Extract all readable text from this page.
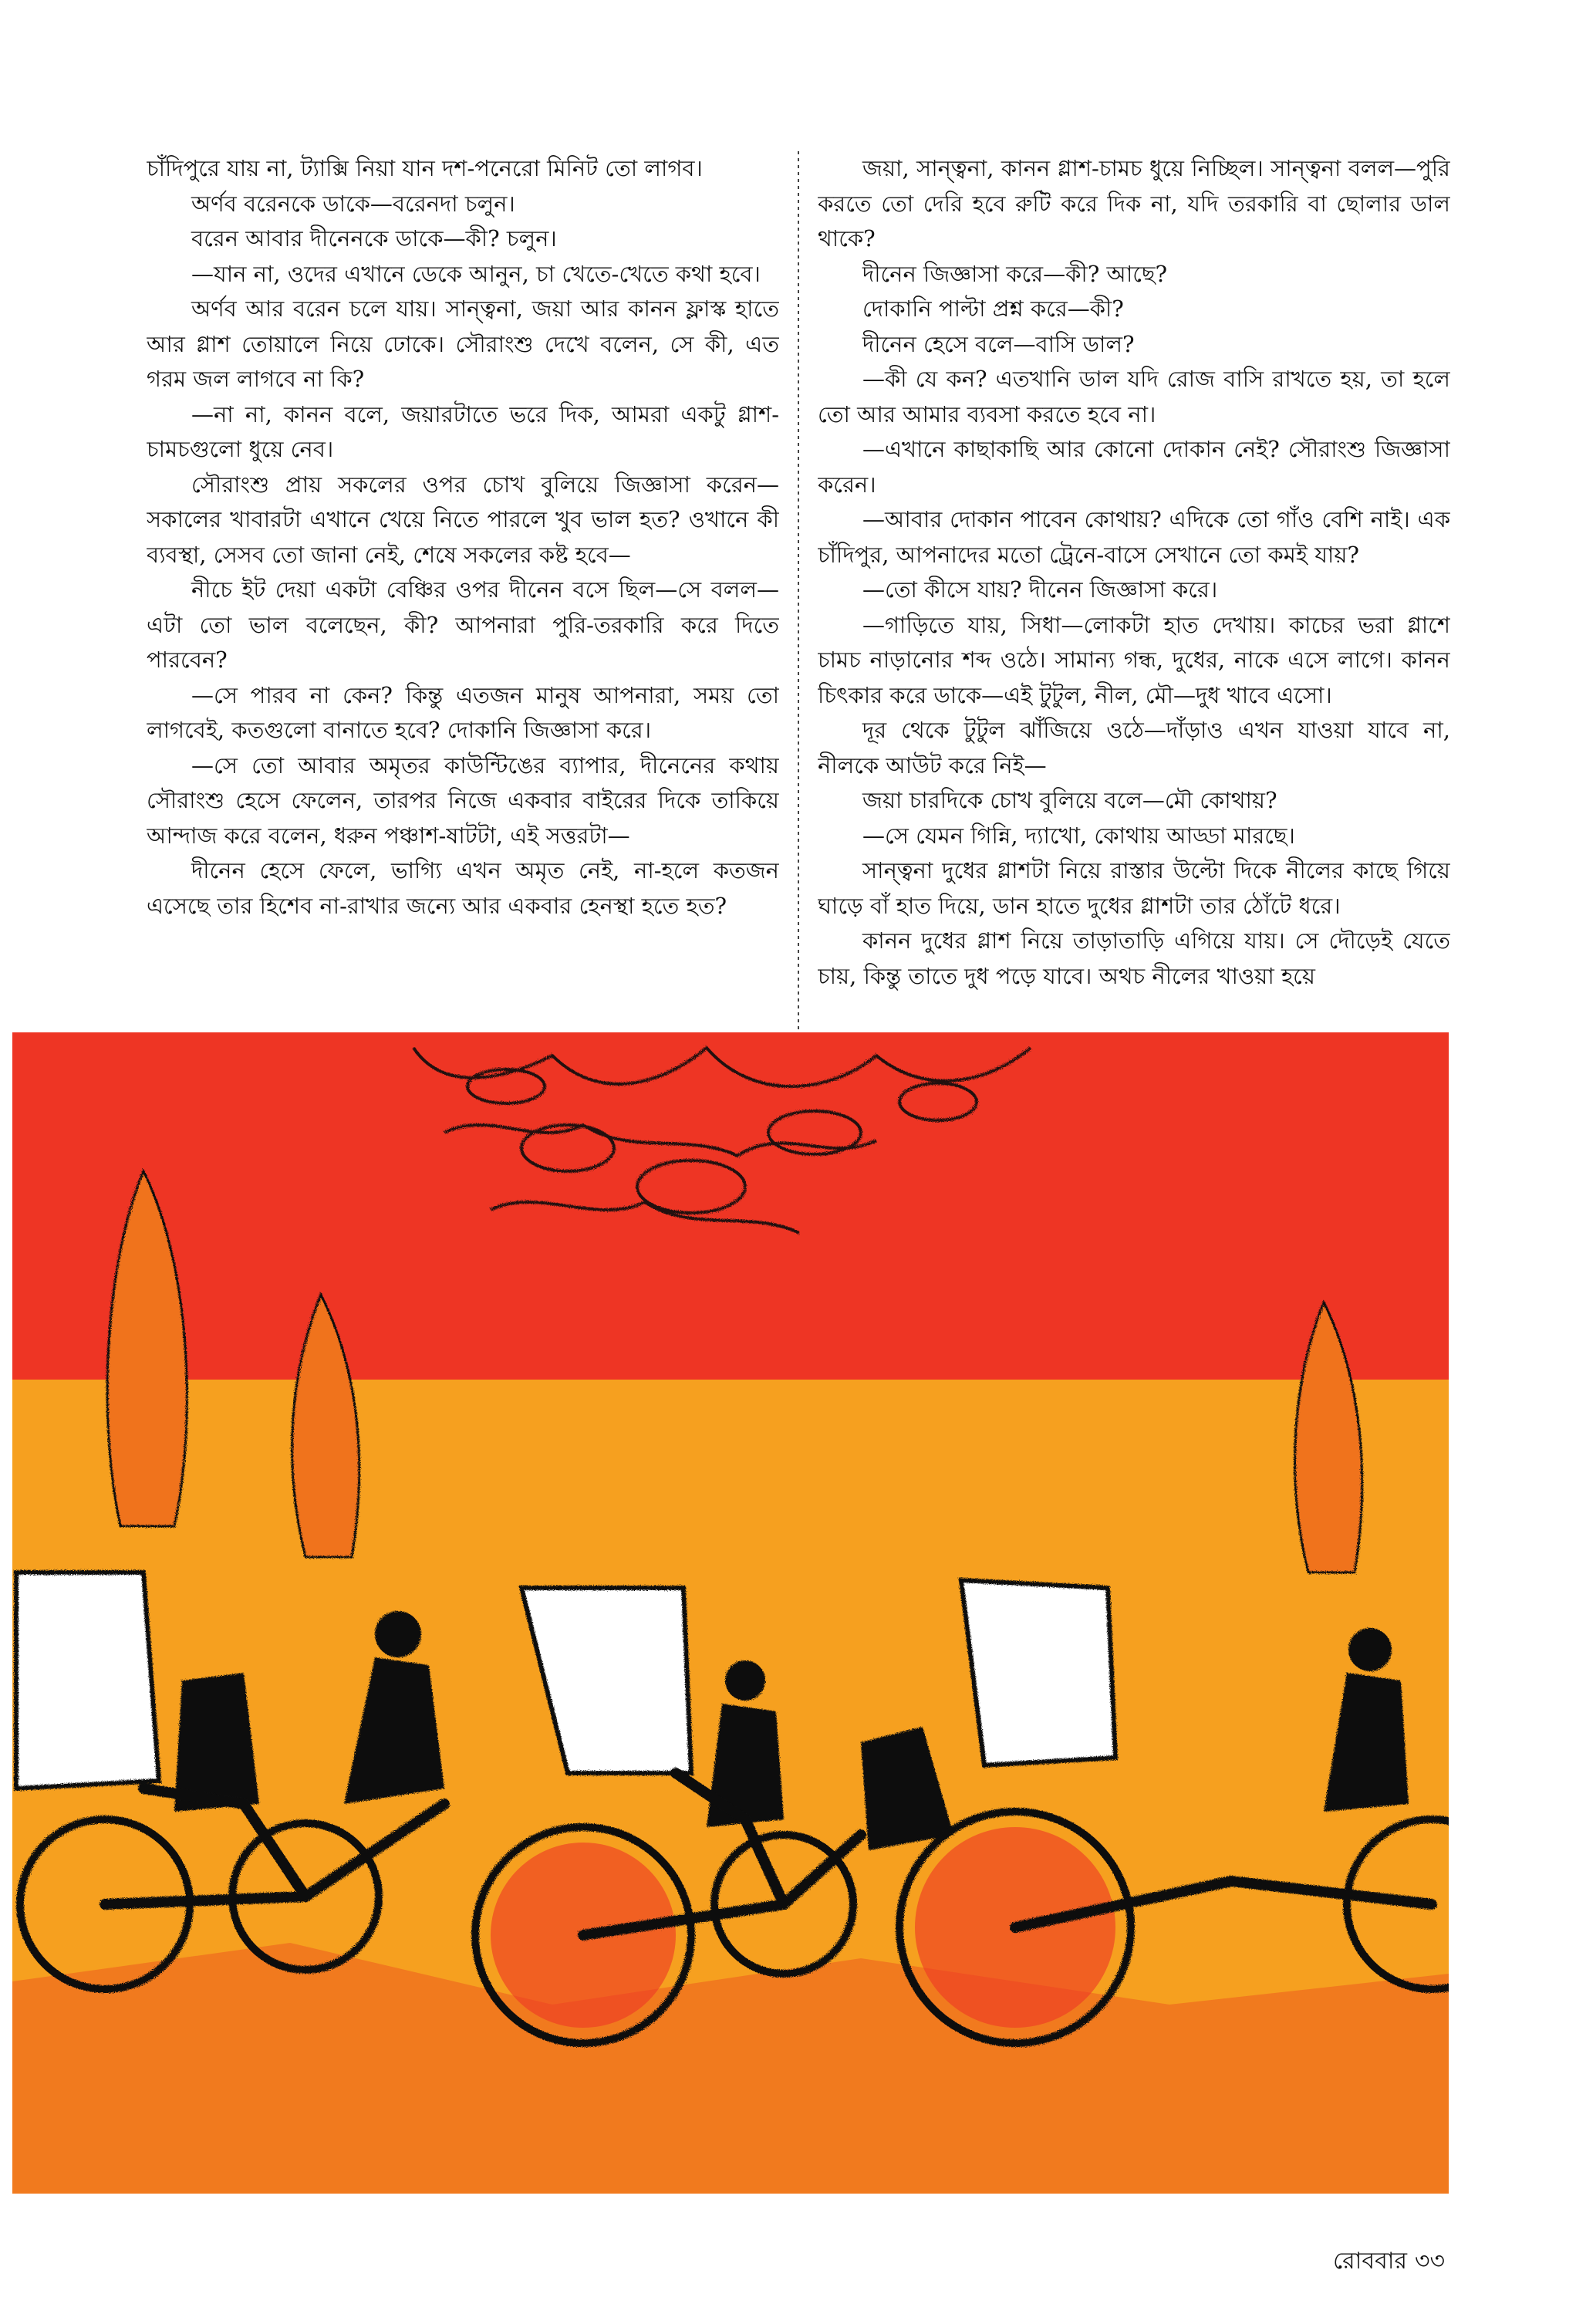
চাঁদিপুরে যায় না, ট্যাক্সি নিয়া যান দশ-পনেরো মিনিট তো লাগব।

অর্ণব বরেনকে ডাকে—বরেনদা চলুন।

বরেন আবার দীনেনকে ডাকে—কী? চলুন।

—যান না, ওদের এখানে ডেকে আনুন, চা খেতে-খেতে কথা হবে।

অর্ণব আর বরেন চলে যায়। সান্ত্বনা, জয়া আর কানন ফ্লাস্ক হাতে আর গ্লাশ তোয়ালে নিয়ে ঢোকে। সৌরাংশু দেখে বলেন, সে কী, এত গরম জল লাগবে না কি?

—না না, কানন বলে, জয়ারটাতে ভরে দিক, আমরা একটু গ্লাশ-চামচগুলো ধুয়ে নেব।

সৌরাংশু প্রায় সকলের ওপর চোখ বুলিয়ে জিজ্ঞাসা করেন—সকালের খাবারটা এখানে খেয়ে নিতে পারলে খুব ভাল হত? ওখানে কী ব্যবস্থা, সেসব তো জানা নেই, শেষে সকলের কষ্ট হবে—

নীচে ইট দেয়া একটা বেঞ্চির ওপর দীনেন বসে ছিল—সে বলল—এটা তো ভাল বলেছেন, কী? আপনারা পুরি-তরকারি করে দিতে পারবেন?

—সে পারব না কেন? কিন্তু এতজন মানুষ আপনারা, সময় তো লাগবেই, কতগুলো বানাতে হবে? দোকানি জিজ্ঞাসা করে।

—সে তো আবার অমৃতর কাউন্টিঙের ব্যাপার, দীনেনের কথায় সৌরাংশু হেসে ফেলেন, তারপর নিজে একবার বাইরের দিকে তাকিয়ে আন্দাজ করে বলেন, ধরুন পঞ্চাশ-ষাটটা, এই সত্তরটা—

দীনেন হেসে ফেলে, ভাগ্যি এখন অমৃত নেই, না-হলে কতজন এসেছে তার হিশেব না-রাখার জন্যে আর একবার হেনস্থা হতে হত?

জয়া, সান্ত্বনা, কানন গ্লাশ-চামচ ধুয়ে নিচ্ছিল। সান্ত্বনা বলল—পুরি করতে তো দেরি হবে রুটি করে দিক না, যদি তরকারি বা ছোলার ডাল থাকে?

দীনেন জিজ্ঞাসা করে—কী? আছে?

দোকানি পাল্টা প্রশ্ন করে—কী?

দীনেন হেসে বলে—বাসি ডাল?

—কী যে কন? এতখানি ডাল যদি রোজ বাসি রাখতে হয়, তা হলে তো আর আমার ব্যবসা করতে হবে না।

—এখানে কাছাকাছি আর কোনো দোকান নেই? সৌরাংশু জিজ্ঞাসা করেন।

—আবার দোকান পাবেন কোথায়? এদিকে তো গাঁও বেশি নাই। এক চাঁদিপুর, আপনাদের মতো ট্রেনে-বাসে সেখানে তো কমই যায়?

—তো কীসে যায়? দীনেন জিজ্ঞাসা করে।

—গাড়িতে যায়, সিধা—লোকটা হাত দেখায়। কাচের ভরা গ্লাশে চামচ নাড়ানোর শব্দ ওঠে। সামান্য গন্ধ, দুধের, নাকে এসে লাগে। কানন চিৎকার করে ডাকে—এই টুটুল, নীল, মৌ—দুধ খাবে এসো।

দূর থেকে টুটুল ঝাঁজিয়ে ওঠে—দাঁড়াও এখন যাওয়া যাবে না, নীলকে আউট করে নিই—

জয়া চারদিকে চোখ বুলিয়ে বলে—মৌ কোথায়?

—সে যেমন গিন্নি, দ্যাখো, কোথায় আড্ডা মারছে।

সান্ত্বনা দুধের গ্লাশটা নিয়ে রাস্তার উল্টো দিকে নীলের কাছে গিয়ে ঘাড়ে বাঁ হাত দিয়ে, ডান হাতে দুধের গ্লাশটা তার ঠোঁটে ধরে।

কানন দুধের গ্লাশ নিয়ে তাড়াতাড়ি এগিয়ে যায়। সে দৌড়েই যেতে চায়, কিন্তু তাতে দুধ পড়ে যাবে। অথচ নীলের খাওয়া হয়ে

রোববার ৩৩
